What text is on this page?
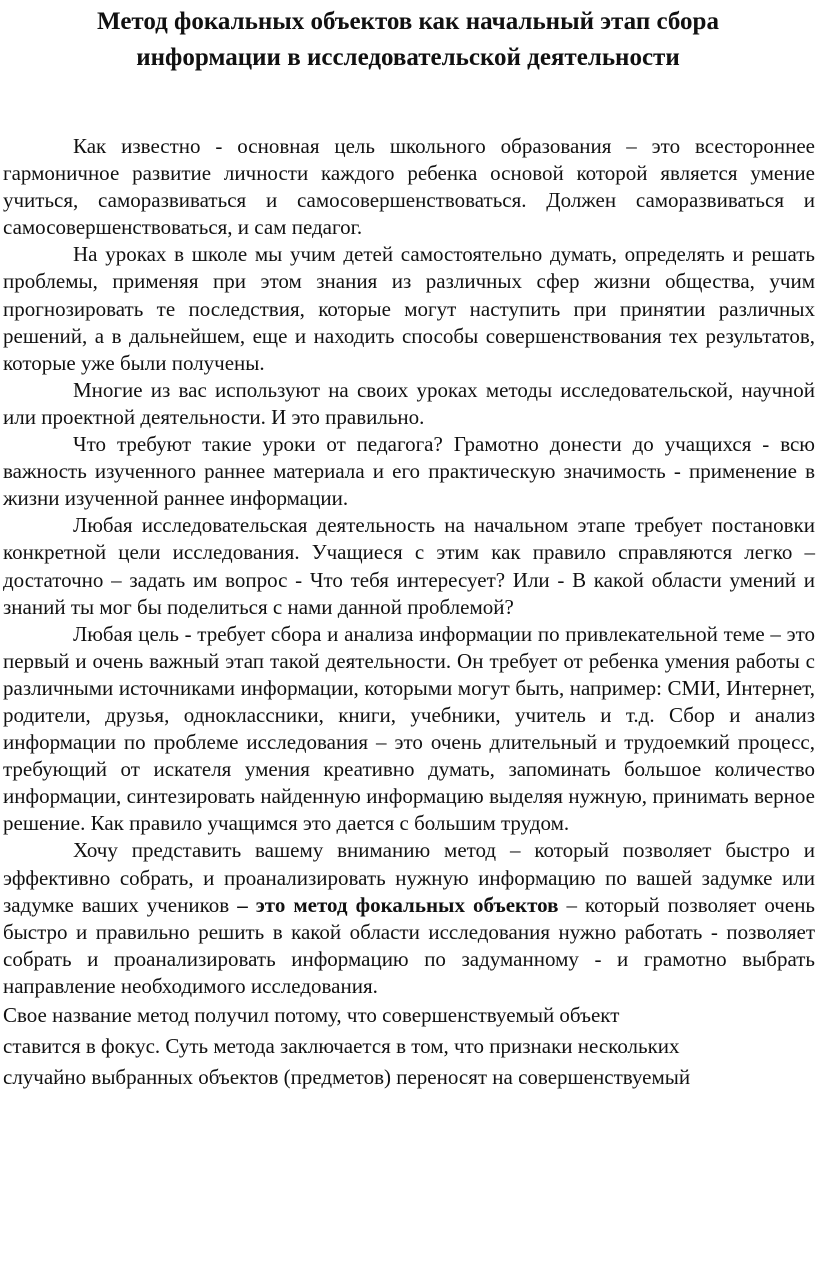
Метод фокальных объектов как начальный этап сбора
информации в исследовательской деятельности

Как известно - основная цель школьного образования – это всестороннее гармоничное развитие личности каждого ребенка основой которой является умение учиться, саморазвиваться и самосовершенствоваться. Должен саморазвиваться и самосовершенствоваться, и сам педагог.

На уроках в школе мы учим детей самостоятельно думать, определять и решать проблемы, применяя при этом знания из различных сфер жизни общества, учим прогнозировать те последствия, которые могут наступить при принятии различных решений, а в дальнейшем, еще и находить способы совершенствования тех результатов, которые уже были получены.

Многие из вас используют на своих уроках методы исследовательской, научной или проектной деятельности. И это правильно.

Что требуют такие уроки от педагога? Грамотно донести до учащихся - всю важность изученного раннее материала и его практическую значимость - применение в жизни изученной раннее информации.

Любая исследовательская деятельность на начальном этапе требует постановки конкретной цели исследования. Учащиеся с этим как правило справляются легко – достаточно – задать им вопрос - Что тебя интересует? Или - В какой области умений и знаний ты мог бы поделиться с нами данной проблемой?

Любая цель - требует сбора и анализа информации по привлекательной теме – это первый и очень важный этап такой деятельности. Он требует от ребенка умения работы с различными источниками информации, которыми могут быть, например: СМИ, Интернет, родители, друзья, одноклассники, книги, учебники, учитель и т.д. Сбор и анализ информации по проблеме исследования – это очень длительный и трудоемкий процесс, требующий от искателя умения креативно думать, запоминать большое количество информации, синтезировать найденную информацию выделяя нужную, принимать верное решение. Как правило учащимся это дается с большим трудом.

Хочу представить вашему вниманию метод – который позволяет быстро и эффективно собрать, и проанализировать нужную информацию по вашей задумке или задумке ваших учеников – это метод фокальных объектов – который позволяет очень быстро и правильно решить в какой области исследования нужно работать - позволяет собрать и проанализировать информацию по задуманному - и грамотно выбрать направление необходимого исследования.

Свое название метод получил потому, что совершенствуемый объект
ставится в фокус. Суть метода заключается в том, что признаки нескольких
случайно выбранных объектов (предметов) переносят на совершенствуемый
